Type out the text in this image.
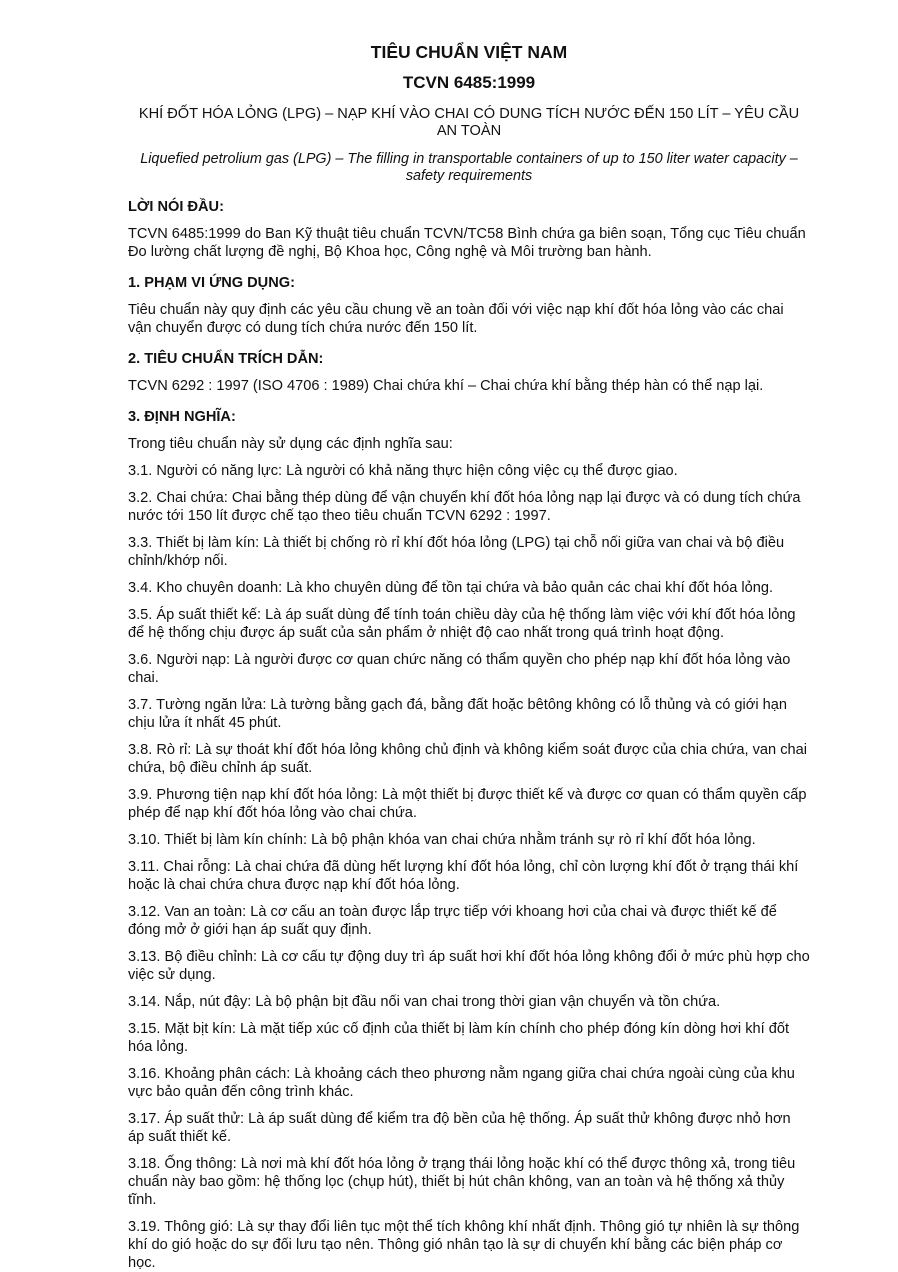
TIÊU CHUẨN VIỆT NAM
TCVN 6485:1999
KHÍ ĐỐT HÓA LỎNG (LPG) – NẠP KHÍ VÀO CHAI CÓ DUNG TÍCH NƯỚC ĐẾN 150 LÍT – YÊU CẦU AN TOÀN
Liquefied petrolium gas (LPG) – The filling in transportable containers of up to 150 liter water capacity – safety requirements
LỜI NÓI ĐẦU:

TCVN 6485:1999 do Ban Kỹ thuật tiêu chuẩn TCVN/TC58 Bình chứa ga biên soạn, Tổng cục Tiêu chuẩn Đo lường chất lượng đề nghị, Bộ Khoa học, Công nghệ và Môi trường ban hành.

1. PHẠM VI ỨNG DỤNG:

Tiêu chuẩn này quy định các yêu cầu chung về an toàn đối với việc nạp khí đốt hóa lỏng vào các chai vận chuyển được có dung tích chứa nước đến 150 lít.

2. TIÊU CHUẨN TRÍCH DẪN:

TCVN 6292 : 1997 (ISO 4706 : 1989) Chai chứa khí – Chai chứa khí bằng thép hàn có thể nạp lại.

3. ĐỊNH NGHĨA:

Trong tiêu chuẩn này sử dụng các định nghĩa sau:

3.1. Người có năng lực: Là người có khả năng thực hiện công việc cụ thể được giao.

3.2. Chai chứa: Chai bằng thép dùng để vận chuyển khí đốt hóa lỏng nạp lại được và có dung tích chứa nước tới 150 lít được chế tạo theo tiêu chuẩn TCVN 6292 : 1997.

3.3. Thiết bị làm kín: Là thiết bị chống rò rỉ khí đốt hóa lỏng (LPG) tại chỗ nối giữa van chai và bộ điều chỉnh/khớp nối.

3.4. Kho chuyên doanh: Là kho chuyên dùng để tồn tại chứa và bảo quản các chai khí đốt hóa lỏng.

3.5. Áp suất thiết kế: Là áp suất dùng để tính toán chiều dày của hệ thống làm việc với khí đốt hóa lỏng để hệ thống chịu được áp suất của sản phẩm ở nhiệt độ cao nhất trong quá trình hoạt động.

3.6. Người nạp: Là người được cơ quan chức năng có thẩm quyền cho phép nạp khí đốt hóa lỏng vào chai.

3.7. Tường ngăn lửa: Là tường bằng gạch đá, bằng đất hoặc bêtông không có lỗ thủng và có giới hạn chịu lửa ít nhất 45 phút.

3.8. Rò rỉ: Là sự thoát khí đốt hóa lỏng không chủ định và không kiểm soát được của chia chứa, van chai chứa, bộ điều chỉnh áp suất.

3.9. Phương tiện nạp khí đốt hóa lỏng: Là một thiết bị được thiết kế và được cơ quan có thẩm quyền cấp phép để nạp khí đốt hóa lỏng vào chai chứa.

3.10. Thiết bị làm kín chính: Là bộ phận khóa van chai chứa nhằm tránh sự rò rỉ khí đốt hóa lỏng.

3.11. Chai rỗng: Là chai chứa đã dùng hết lượng khí đốt hóa lỏng, chỉ còn lượng khí đốt ở trạng thái khí hoặc là chai chứa chưa được nạp khí đốt hóa lỏng.

3.12. Van an toàn: Là cơ cấu an toàn được lắp trực tiếp với khoang hơi của chai và được thiết kế để đóng mở ở giới hạn áp suất quy định.

3.13. Bộ điều chỉnh: Là cơ cấu tự động duy trì áp suất hơi khí đốt hóa lỏng không đổi ở mức phù hợp cho việc sử dụng.

3.14. Nắp, nút đậy: Là bộ phận bịt đầu nối van chai trong thời gian vận chuyển và tồn chứa.

3.15. Mặt bịt kín: Là mặt tiếp xúc cố định của thiết bị làm kín chính cho phép đóng kín dòng hơi khí đốt hóa lỏng.

3.16. Khoảng phân cách: Là khoảng cách theo phương nằm ngang giữa chai chứa ngoài cùng của khu vực bảo quản đến công trình khác.

3.17. Áp suất thử: Là áp suất dùng để kiểm tra độ bền của hệ thống. Áp suất thử không được nhỏ hơn áp suất thiết kế.

3.18. Ống thông: Là nơi mà khí đốt hóa lỏng ở trạng thái lỏng hoặc khí có thể được thông xả, trong tiêu chuẩn này bao gồm: hệ thống lọc (chụp hút), thiết bị hút chân không, van an toàn và hệ thống xả thủy tĩnh.

3.19. Thông gió: Là sự thay đổi liên tục một thể tích không khí nhất định. Thông gió tự nhiên là sự thông khí do gió hoặc do sự đối lưu tạo nên. Thông gió nhân tạo là sự di chuyển khí bằng các biện pháp cơ học.
